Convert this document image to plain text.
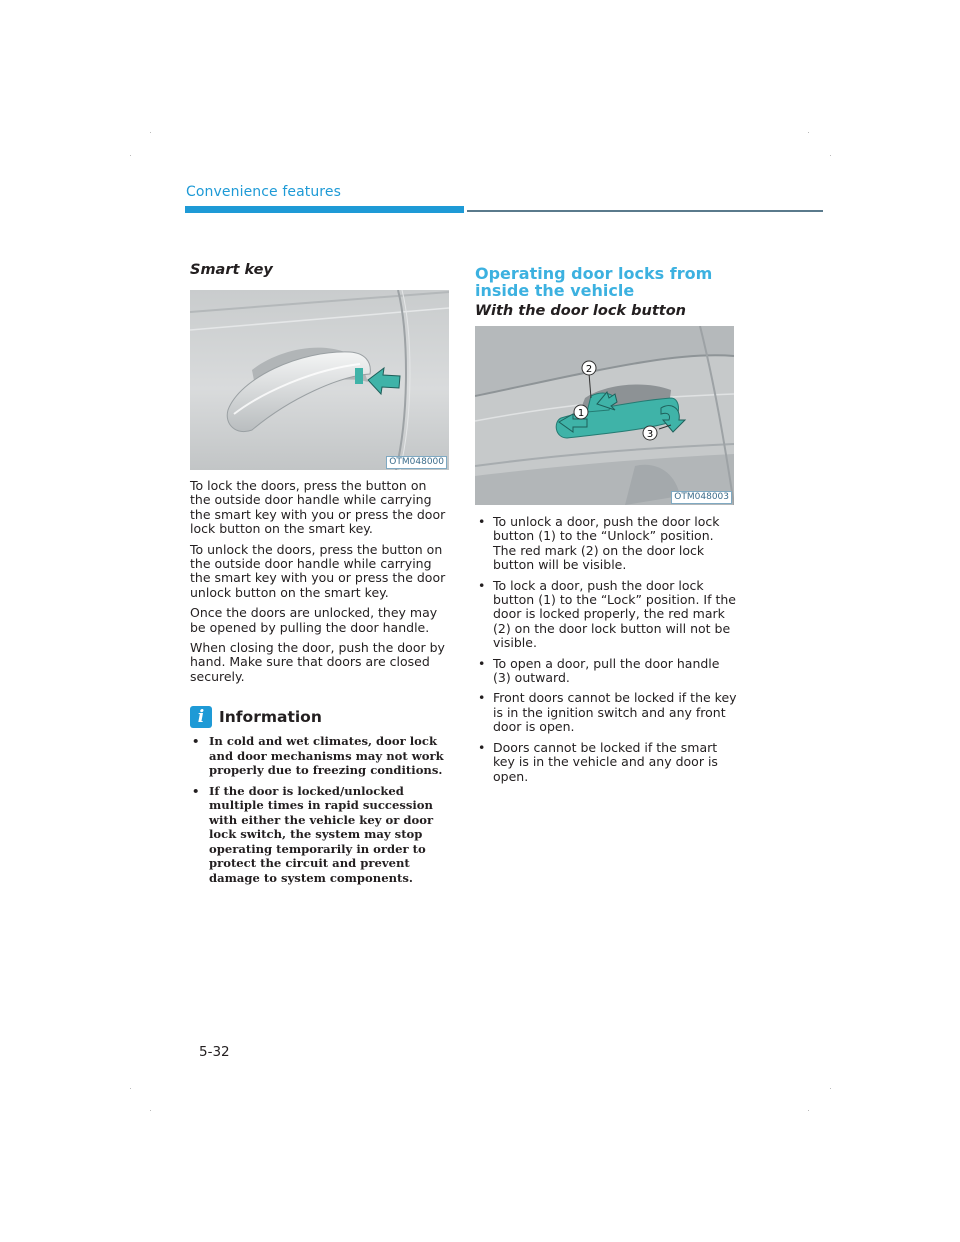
Convenience features
Smart key
OTM048000

To lock the doors, press the button on the outside door handle while carrying the smart key with you or press the door lock button on the smart key.

To unlock the doors, press the button on the outside door handle while carrying the smart key with you or press the door unlock button on the smart key.

Once the doors are unlocked, they may be opened by pulling the door handle.

When closing the door, push the door by hand. Make sure that doors are closed securely.

i Information
• In cold and wet climates, door lock and door mechanisms may not work properly due to freezing conditions.
• If the door is locked/unlocked multiple times in rapid succession with either the vehicle key or door lock switch, the system may stop operating temporarily in order to protect the circuit and prevent damage to system components.
Operating door locks from inside the vehicle
With the door lock button
2
1
3
OTM048003
• To unlock a door, push the door lock button (1) to the “Unlock” position. The red mark (2) on the door lock button will be visible.
• To lock a door, push the door lock button (1) to the “Lock” position. If the door is locked properly, the red mark (2) on the door lock button will not be visible.
• To open a door, pull the door handle (3) outward.
• Front doors cannot be locked if the key is in the ignition switch and any front door is open.
• Doors cannot be locked if the smart key is in the vehicle and any door is open.
5-32
